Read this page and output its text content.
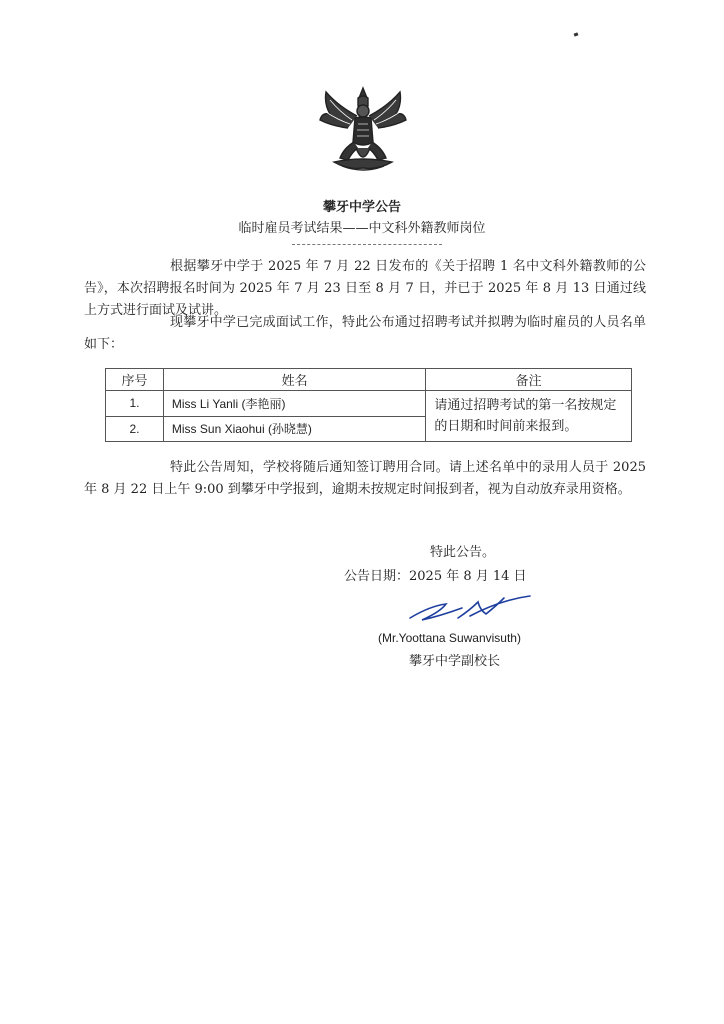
攀牙中学公告
临时雇员考试结果——中文科外籍教师岗位

根据攀牙中学于 2025 年 7 月 22 日发布的《关于招聘 1 名中文科外籍教师的公告》，本次招聘报名时间为 2025 年 7 月 23 日至 8 月 7 日，并已于 2025 年 8 月 13 日通过线上方式进行面试及试讲。

现攀牙中学已完成面试工作，特此公布通过招聘考试并拟聘为临时雇员的人员名单如下：

序号	姓名	备注
1.	Miss Li Yanli (李艳丽)	请通过招聘考试的第一名按规定的日期和时间前来报到。
2.	Miss Sun Xiaohui (孙晓慧)	

特此公告周知，学校将随后通知签订聘用合同。请上述名单中的录用人员于 2025 年 8 月 22 日上午 9:00 到攀牙中学报到，逾期未按规定时间报到者，视为自动放弃录用资格。

特此公告。
公告日期：2025 年 8 月 14 日
(Mr.Yoottana Suwanvisuth)
攀牙中学副校长
